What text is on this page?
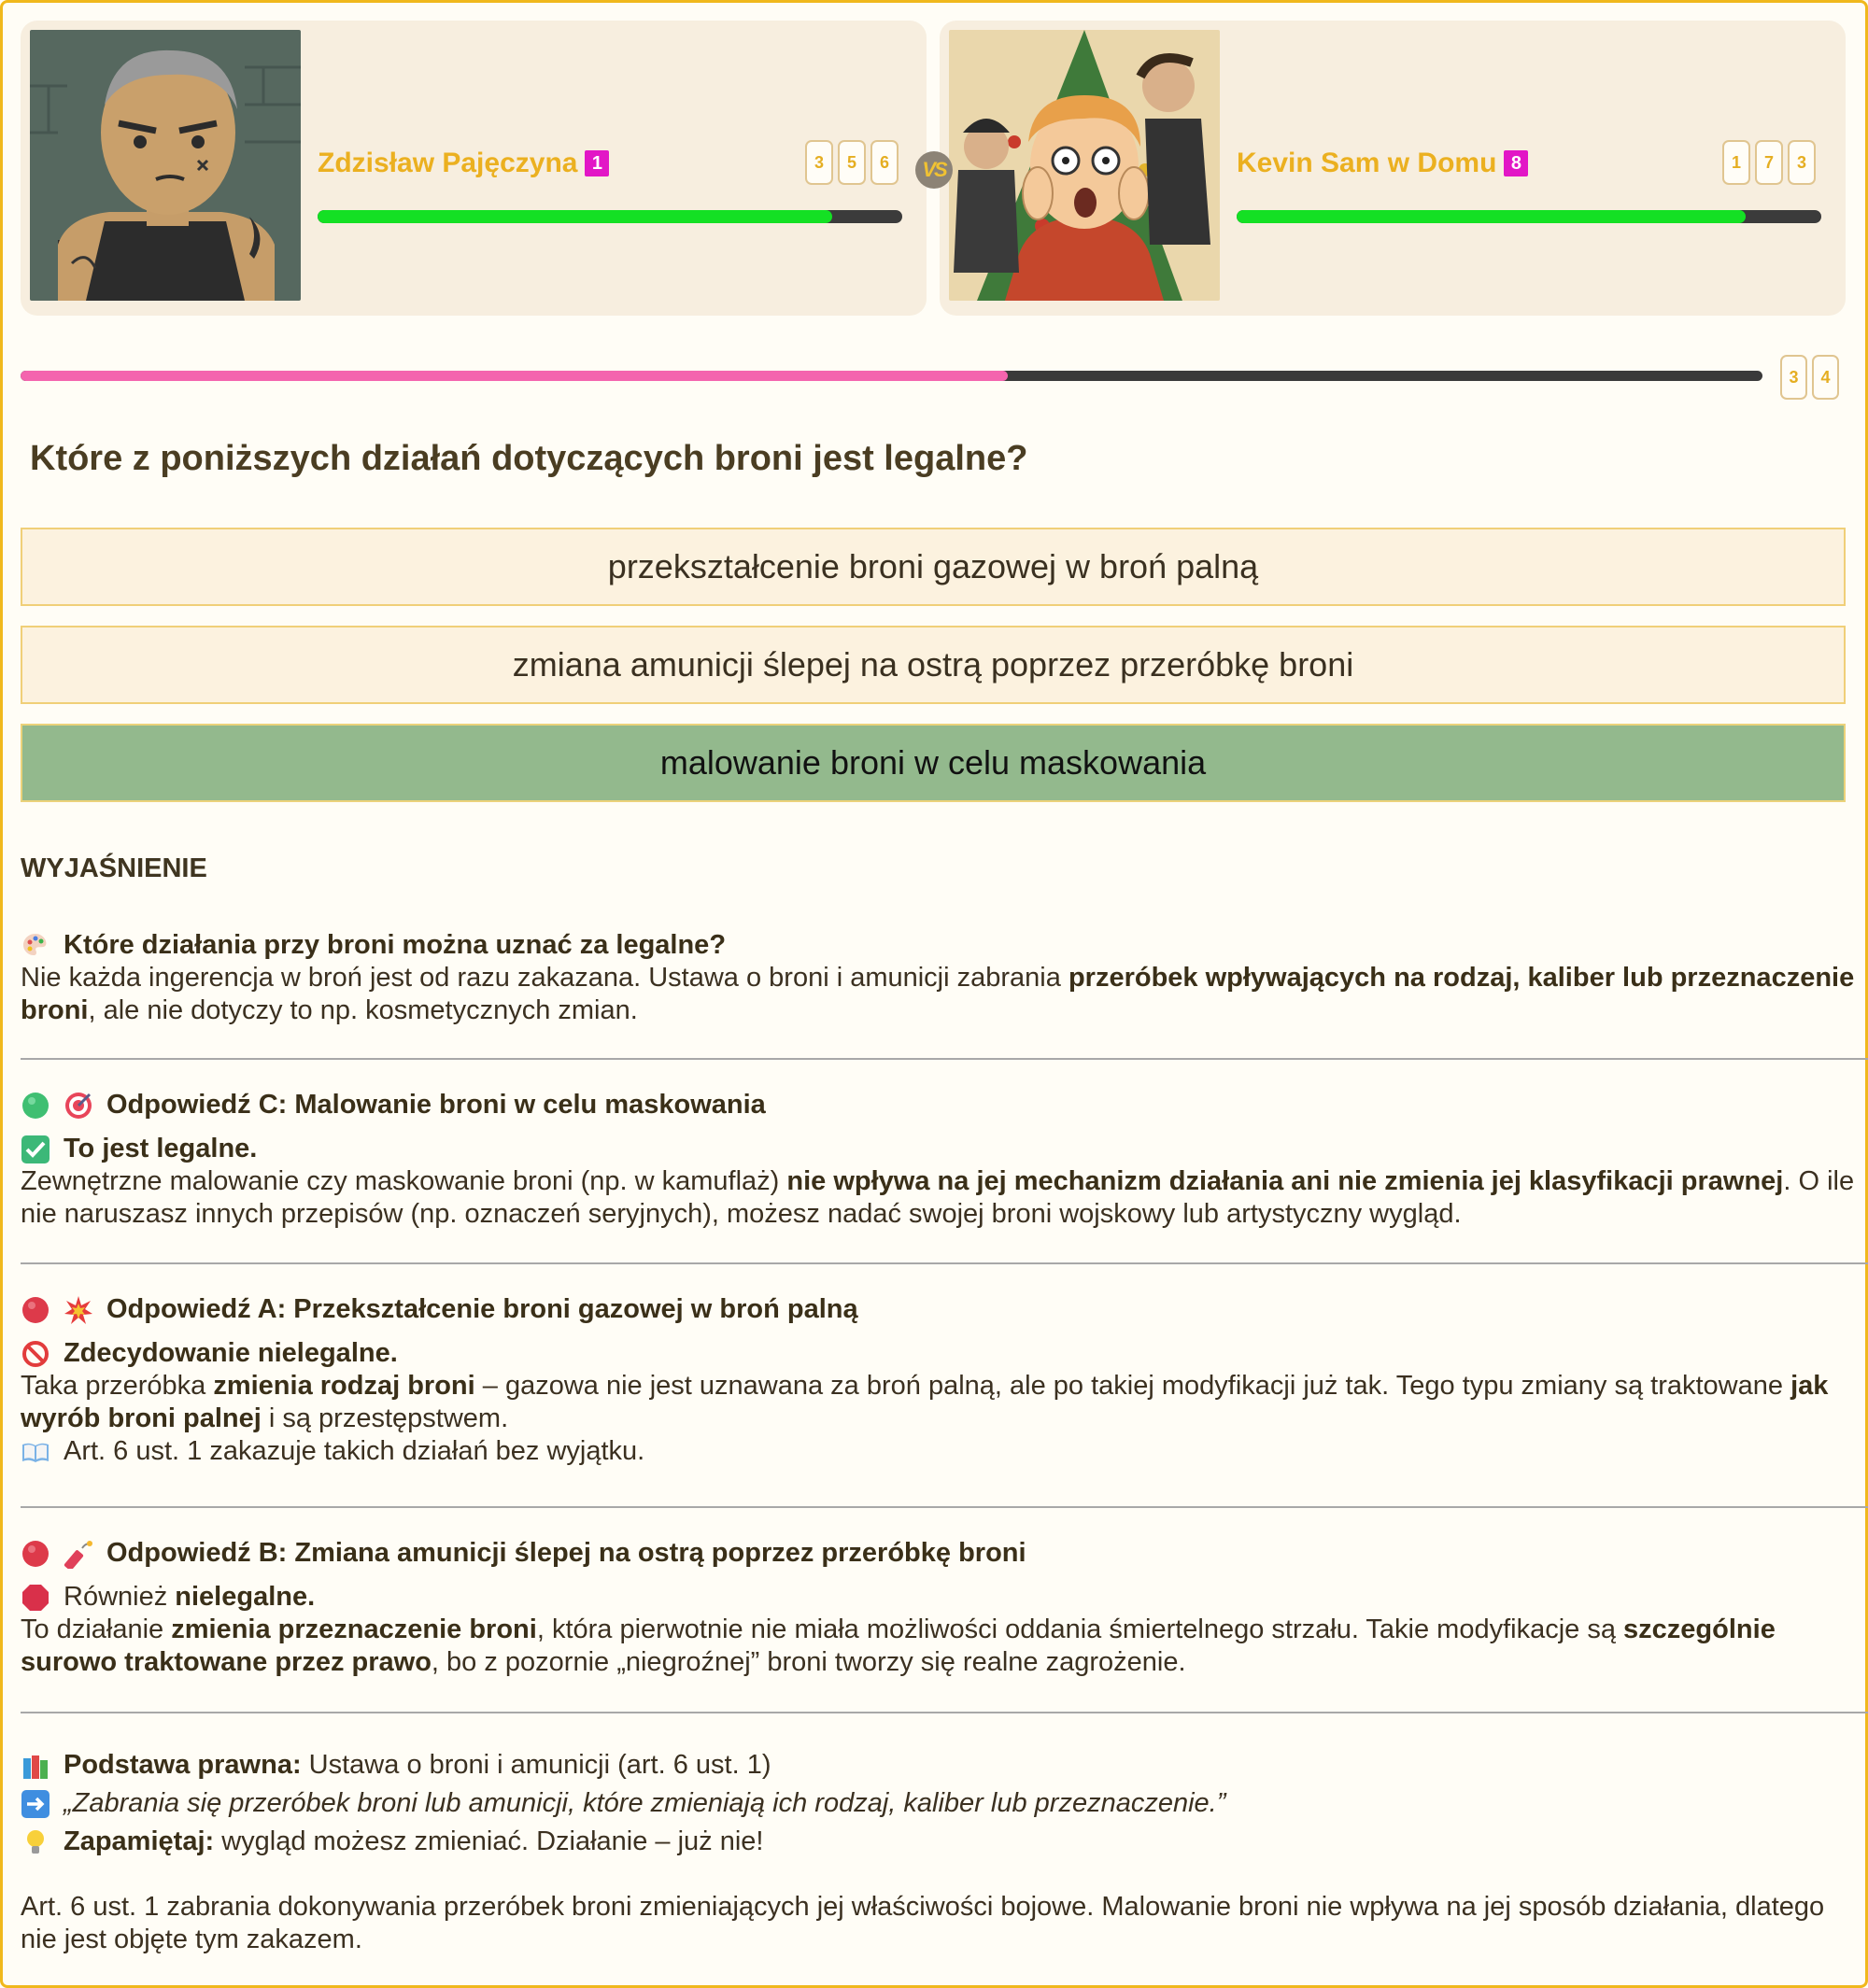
Zdzisław Pajęczyna 1	3	5	6	VS	Kevin Sam w Domu 8	1	7	3
3	4
Które z poniższych działań dotyczących broni jest legalne?
przekształcenie broni gazowej w broń palną
zmiana amunicji ślepej na ostrą poprzez przeróbkę broni
malowanie broni w celu maskowania
WYJAŚNIENIE
Które działania przy broni można uznać za legalne?
Nie każda ingerencja w broń jest od razu zakazana. Ustawa o broni i amunicji zabrania przeróbek wpływających na rodzaj, kaliber lub przeznaczenie broni, ale nie dotyczy to np. kosmetycznych zmian.
Odpowiedź C: Malowanie broni w celu maskowania
To jest legalne.
Zewnętrzne malowanie czy maskowanie broni (np. w kamuflaż) nie wpływa na jej mechanizm działania ani nie zmienia jej klasyfikacji prawnej. O ile nie naruszasz innych przepisów (np. oznaczeń seryjnych), możesz nadać swojej broni wojskowy lub artystyczny wygląd.
Odpowiedź A: Przekształcenie broni gazowej w broń palną
Zdecydowanie nielegalne.
Taka przeróbka zmienia rodzaj broni – gazowa nie jest uznawana za broń palną, ale po takiej modyfikacji już tak. Tego typu zmiany są traktowane jak wyrób broni palnej i są przestępstwem.
Art. 6 ust. 1 zakazuje takich działań bez wyjątku.
Odpowiedź B: Zmiana amunicji ślepej na ostrą poprzez przeróbkę broni
Również
nielegalne.
To działanie zmienia przeznaczenie broni, która pierwotnie nie miała możliwości oddania śmiertelnego strzału. Takie modyfikacje są szczególnie surowo traktowane przez prawo, bo z pozornie „niegroźnej” broni tworzy się realne zagrożenie.
Podstawa prawna: Ustawa o broni i amunicji (art. 6 ust. 1)
„Zabrania się przeróbek broni lub amunicji, które zmieniają ich rodzaj, kaliber lub przeznaczenie.”
Zapamiętaj: wygląd możesz zmieniać. Działanie – już nie!
Art. 6 ust. 1 zabrania dokonywania przeróbek broni zmieniających jej właściwości bojowe. Malowanie broni nie wpływa na jej sposób działania, dlatego nie jest objęte tym zakazem.
